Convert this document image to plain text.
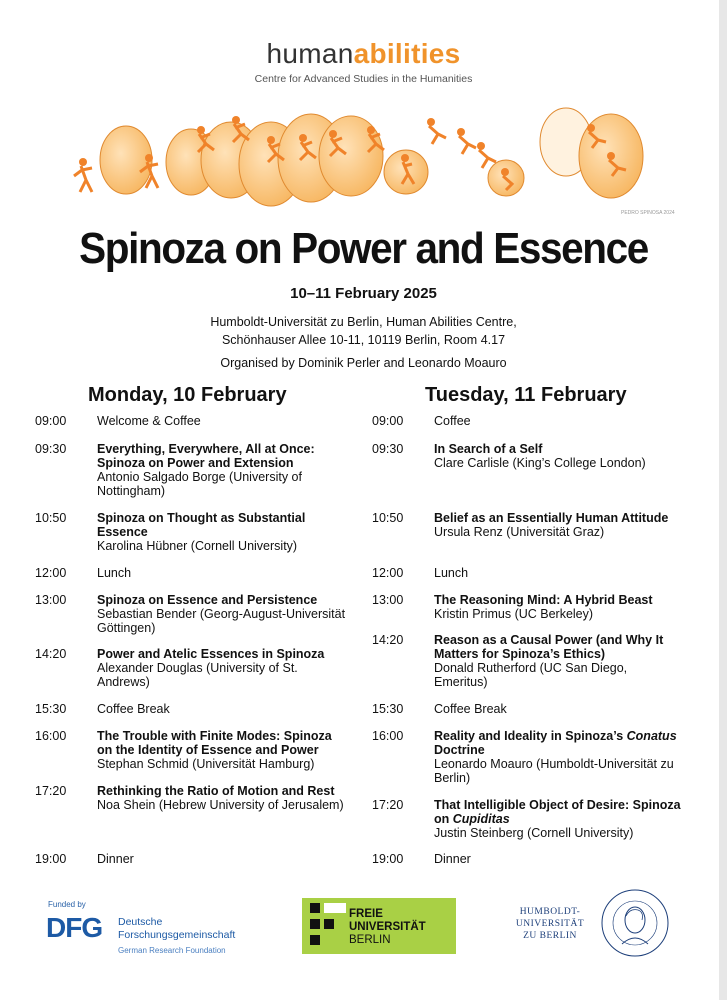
humanabilities
Centre for Advanced Studies in the Humanities
PEDRO SPINOSA 2024
Spinoza on Power and Essence
10–11 February 2025
Humboldt-Universität zu Berlin, Human Abilities Centre,
Schönhauser Allee 10-11, 10119 Berlin, Room 4.17
Organised by Dominik Perler and Leonardo Moauro
Monday, 10 February	Tuesday, 11 February
09:00	Welcome & Coffee
09:30	Everything, Everywhere, All at Once: Spinoza on Power and Extension
Antonio Salgado Borge (University of Nottingham)
10:50	Spinoza on Thought as Substantial Essence
Karolina Hübner (Cornell University)
12:00	Lunch
13:00	Spinoza on Essence and Persistence
Sebastian Bender (Georg-August-Universität Göttingen)
14:20	Power and Atelic Essences in Spinoza
Alexander Douglas (University of St. Andrews)
15:30	Coffee Break
16:00	The Trouble with Finite Modes: Spinoza on the Identity of Essence and Power
Stephan Schmid (Universität Hamburg)
17:20	Rethinking the Ratio of Motion and Rest
Noa Shein (Hebrew University of Jerusalem)
19:00	Dinner
09:00	Coffee
09:30	In Search of a Self
Clare Carlisle (King’s College London)
10:50	Belief as an Essentially Human Attitude
Ursula Renz (Universität Graz)
12:00	Lunch
13:00	The Reasoning Mind: A Hybrid Beast
Kristin Primus (UC Berkeley)
14:20	Reason as a Causal Power (and Why It Matters for Spinoza’s Ethics)
Donald Rutherford (UC San Diego, Emeritus)
15:30	Coffee Break
16:00	Reality and Ideality in Spinoza’s Conatus Doctrine
Leonardo Moauro (Humboldt-Universität zu Berlin)
17:20	That Intelligible Object of Desire: Spinoza on Cupiditas
Justin Steinberg (Cornell University)
19:00	Dinner
Funded by
DFG Deutsche
Forschungsgemeinschaft
German Research Foundation
FREIE
UNIVERSITÄT
BERLIN
HUMBOLDT-
UNIVERSITÄT
ZU BERLIN
